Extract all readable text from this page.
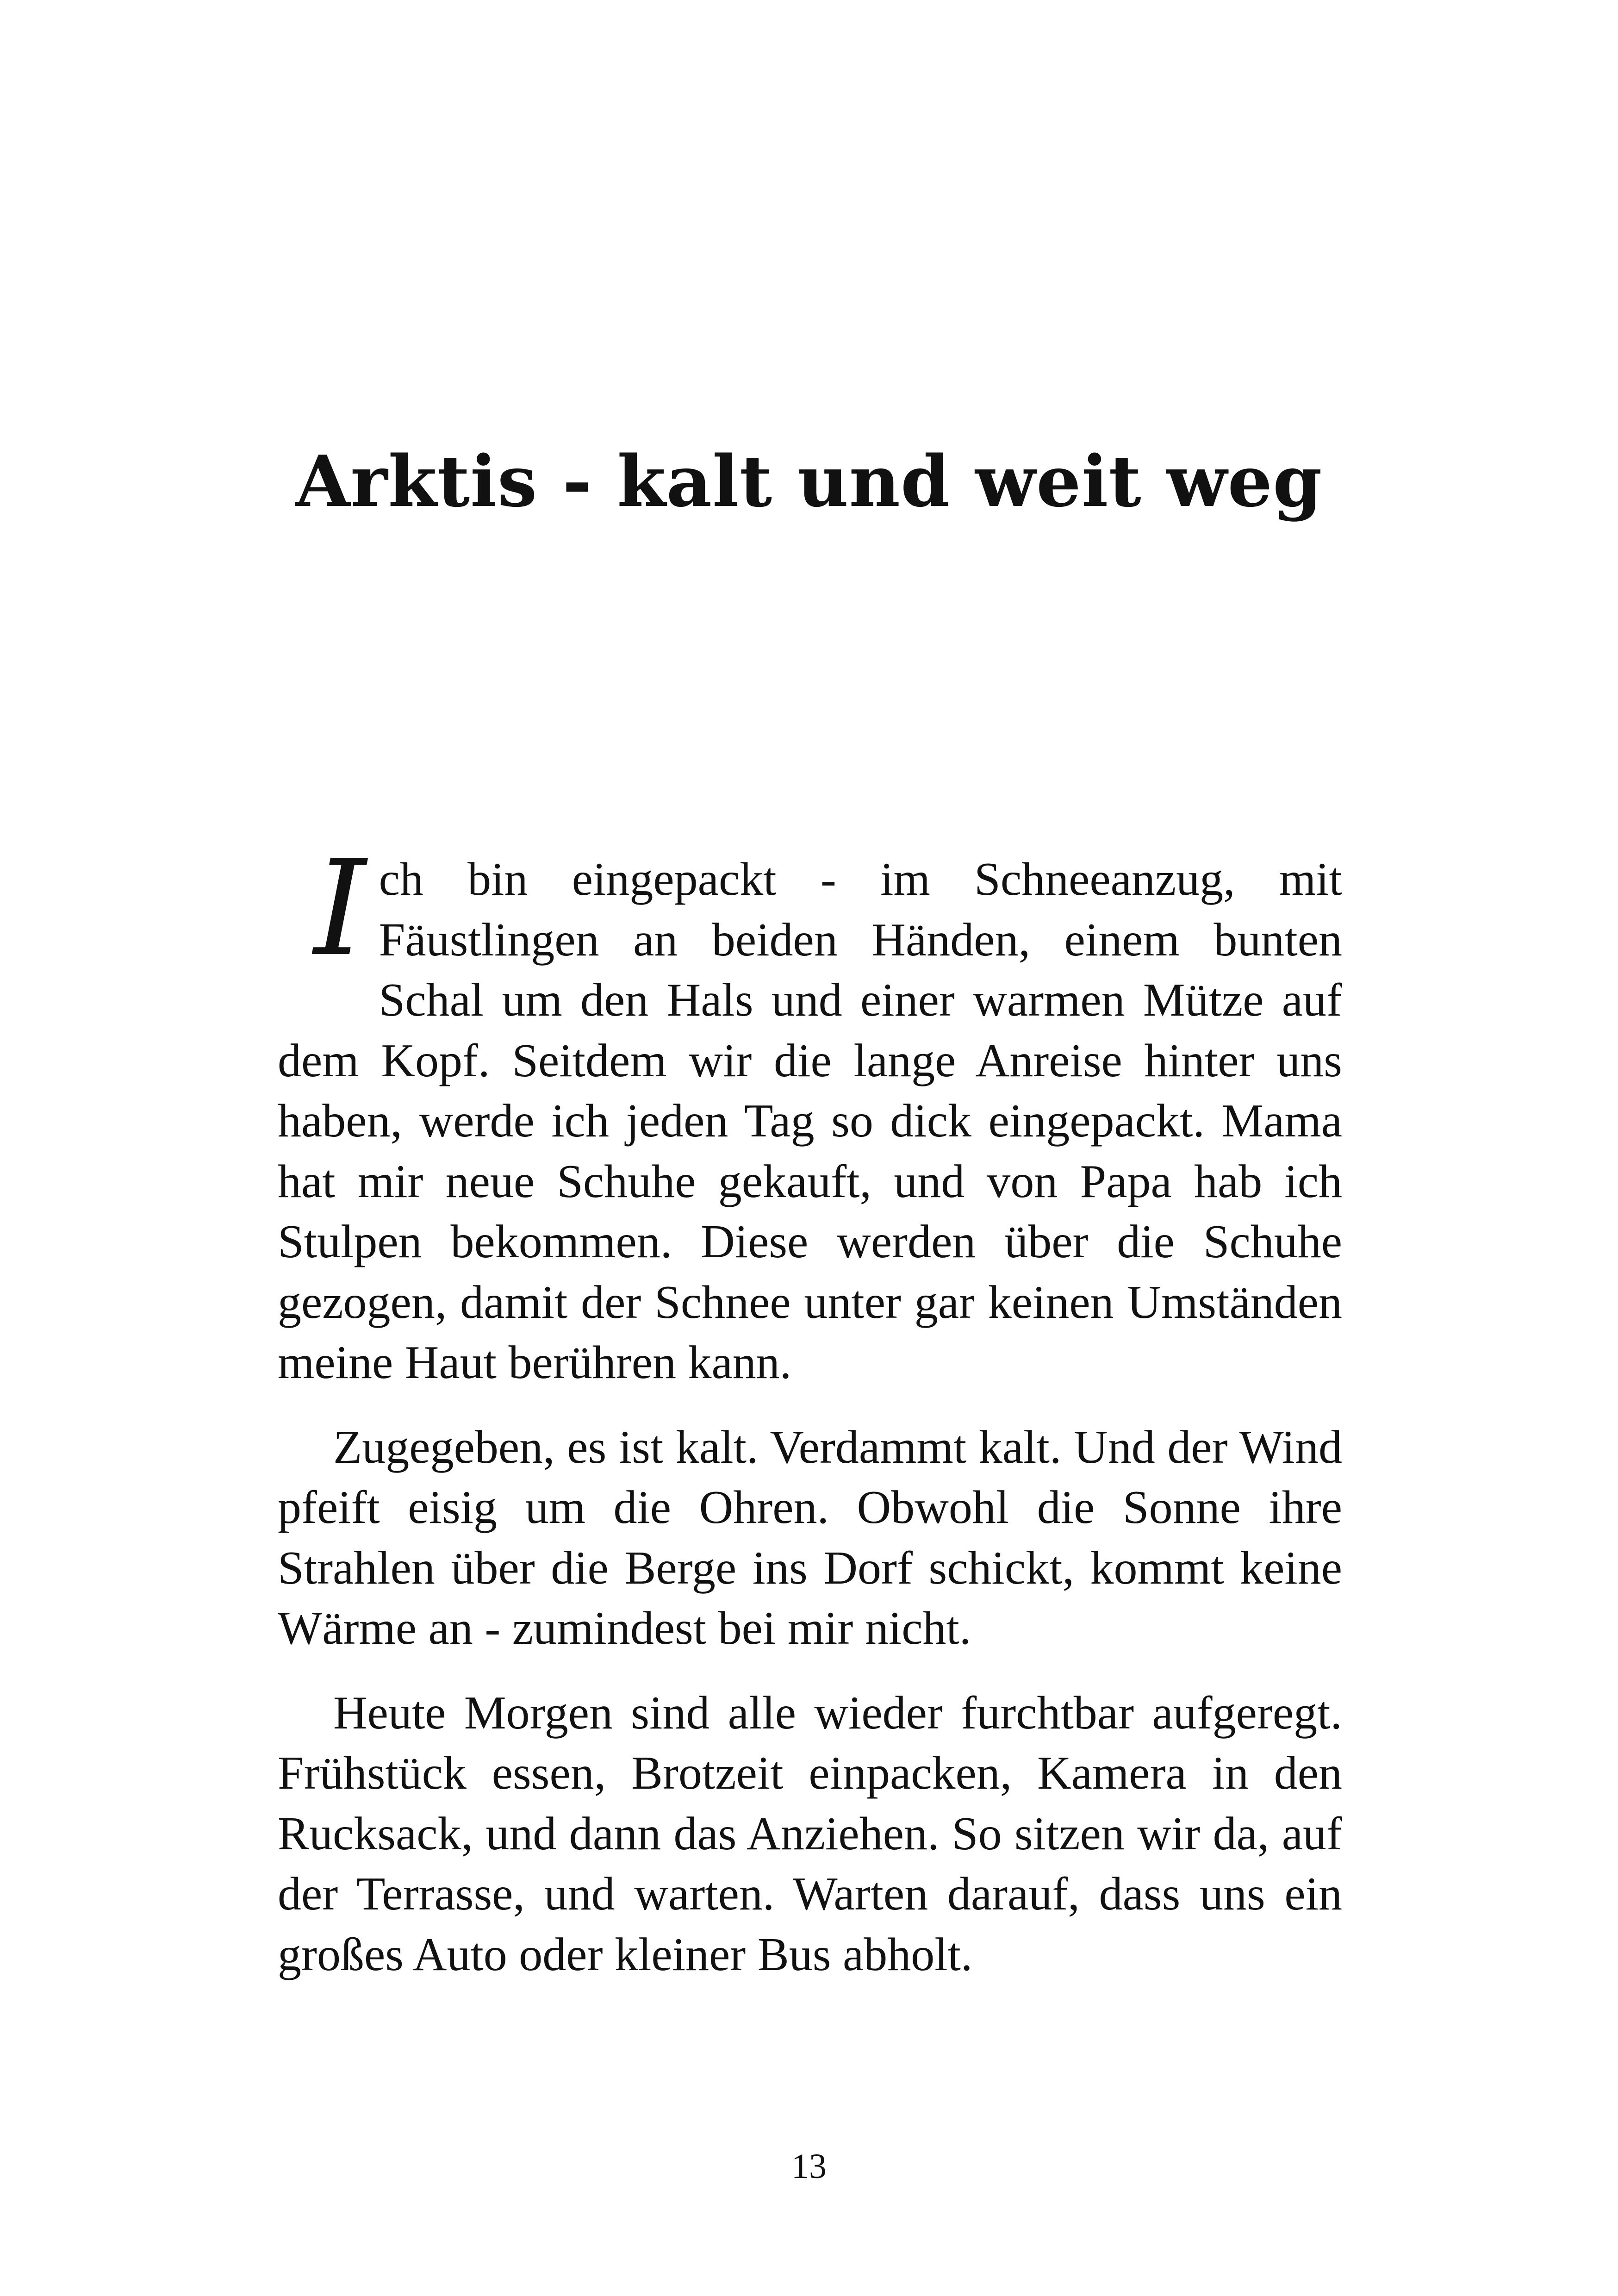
Arktis - kalt und weit weg

Ich bin eingepackt - im Schneeanzug, mit Fäustlingen an beiden Händen, einem bunten Schal um den Hals und einer warmen Mütze auf dem Kopf. Seitdem wir die lange Anreise hinter uns haben, werde ich jeden Tag so dick eingepackt. Mama hat mir neue Schuhe gekauft, und von Papa hab ich Stulpen bekommen. Diese werden über die Schuhe gezogen, damit der Schnee unter gar keinen Umständen meine Haut berühren kann.

Zugegeben, es ist kalt. Verdammt kalt. Und der Wind pfeift eisig um die Ohren. Obwohl die Sonne ihre Strahlen über die Berge ins Dorf schickt, kommt keine Wärme an - zumindest bei mir nicht.

Heute Morgen sind alle wieder furchtbar aufgeregt. Frühstück essen, Brotzeit einpacken, Kamera in den Rucksack, und dann das Anziehen. So sitzen wir da, auf der Terrasse, und warten. Warten darauf, dass uns ein großes Auto oder kleiner Bus abholt.

13
